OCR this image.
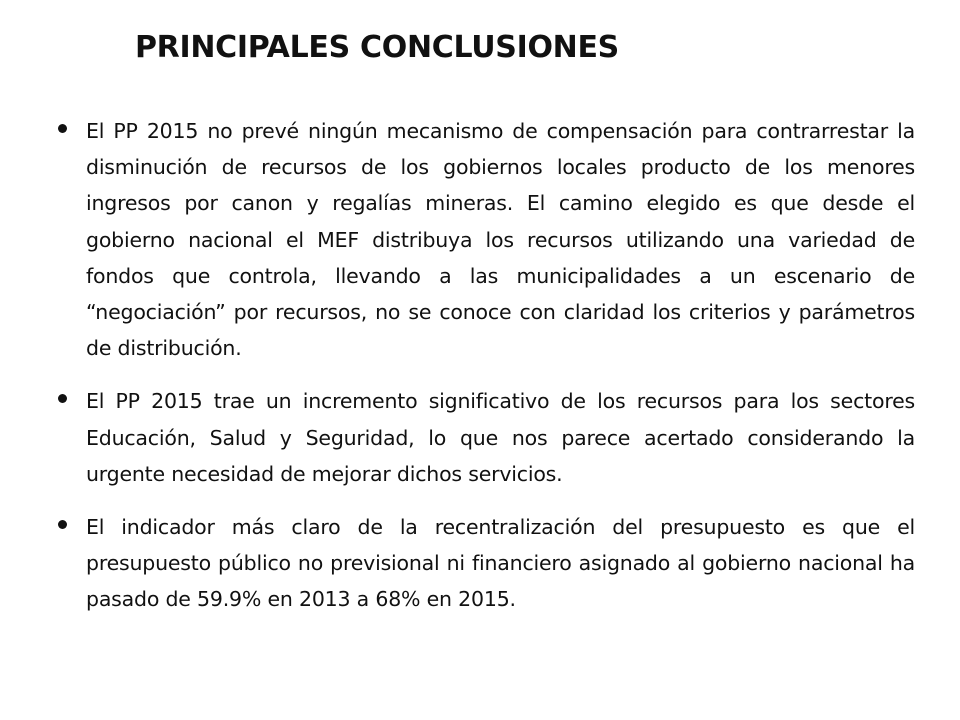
PRINCIPALES CONCLUSIONES

El PP 2015 no prevé ningún mecanismo de compensación para contrarrestar la disminución de recursos de los gobiernos locales producto de los menores ingresos por canon y regalías mineras. El camino elegido es que desde el gobierno nacional el MEF distribuya los recursos utilizando una variedad de fondos que controla, llevando a las municipalidades a un escenario de “negociación” por recursos, no se conoce con claridad los criterios y parámetros de distribución.

El PP 2015 trae un incremento significativo de los recursos para los sectores Educación, Salud y Seguridad, lo que nos parece acertado considerando la urgente necesidad de mejorar dichos servicios.

El indicador más claro de la recentralización del presupuesto es que el presupuesto público no previsional ni financiero asignado al gobierno nacional ha pasado de 59.9% en 2013 a 68% en 2015.
